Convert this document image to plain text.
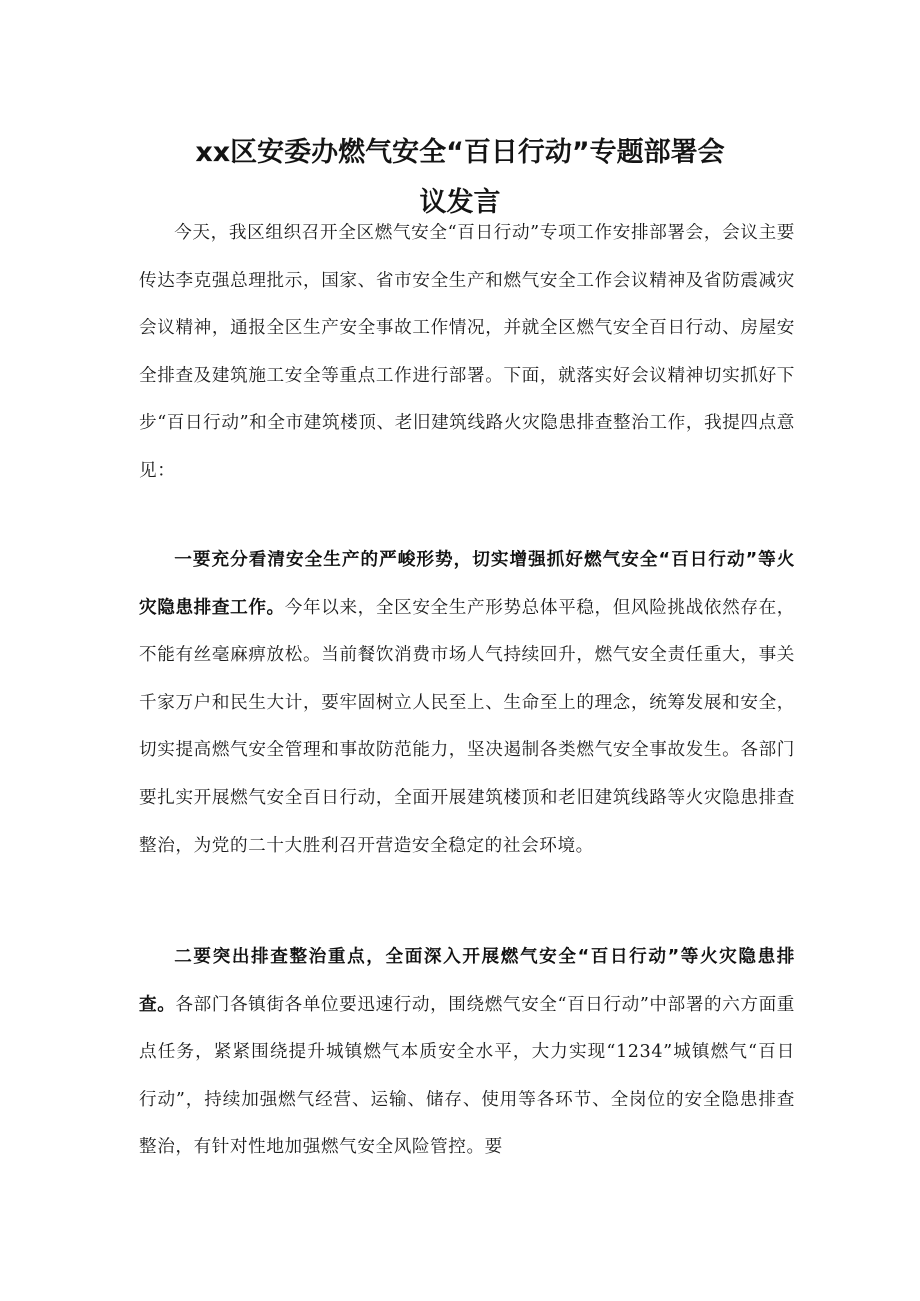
xx区安委办燃气安全“百日行动”专题部署会
议发言

今天，我区组织召开全区燃气安全“百日行动”专项工作安排部署会，会议主要传达李克强总理批示，国家、省市安全生产和燃气安全工作会议精神及省防震减灾会议精神，通报全区生产安全事故工作情况，并就全区燃气安全百日行动、房屋安全排查及建筑施工安全等重点工作进行部署。下面，就落实好会议精神切实抓好下步“百日行动”和全市建筑楼顶、老旧建筑线路火灾隐患排查整治工作，我提四点意见：

一要充分看清安全生产的严峻形势，切实增强抓好燃气安全“百日行动”等火灾隐患排查工作。今年以来，全区安全生产形势总体平稳，但风险挑战依然存在，不能有丝毫麻痹放松。当前餐饮消费市场人气持续回升，燃气安全责任重大，事关千家万户和民生大计，要牢固树立人民至上、生命至上的理念，统筹发展和安全，切实提高燃气安全管理和事故防范能力，坚决遏制各类燃气安全事故发生。各部门要扎实开展燃气安全百日行动，全面开展建筑楼顶和老旧建筑线路等火灾隐患排查整治，为党的二十大胜利召开营造安全稳定的社会环境。

二要突出排查整治重点，全面深入开展燃气安全“百日行动”等火灾隐患排查。各部门各镇街各单位要迅速行动，围绕燃气安全“百日行动”中部署的六方面重点任务，紧紧围绕提升城镇燃气本质安全水平，大力实现“1234”城镇燃气“百日行动”，持续加强燃气经营、运输、储存、使用等各环节、全岗位的安全隐患排查整治，有针对性地加强燃气安全风险管控。要
